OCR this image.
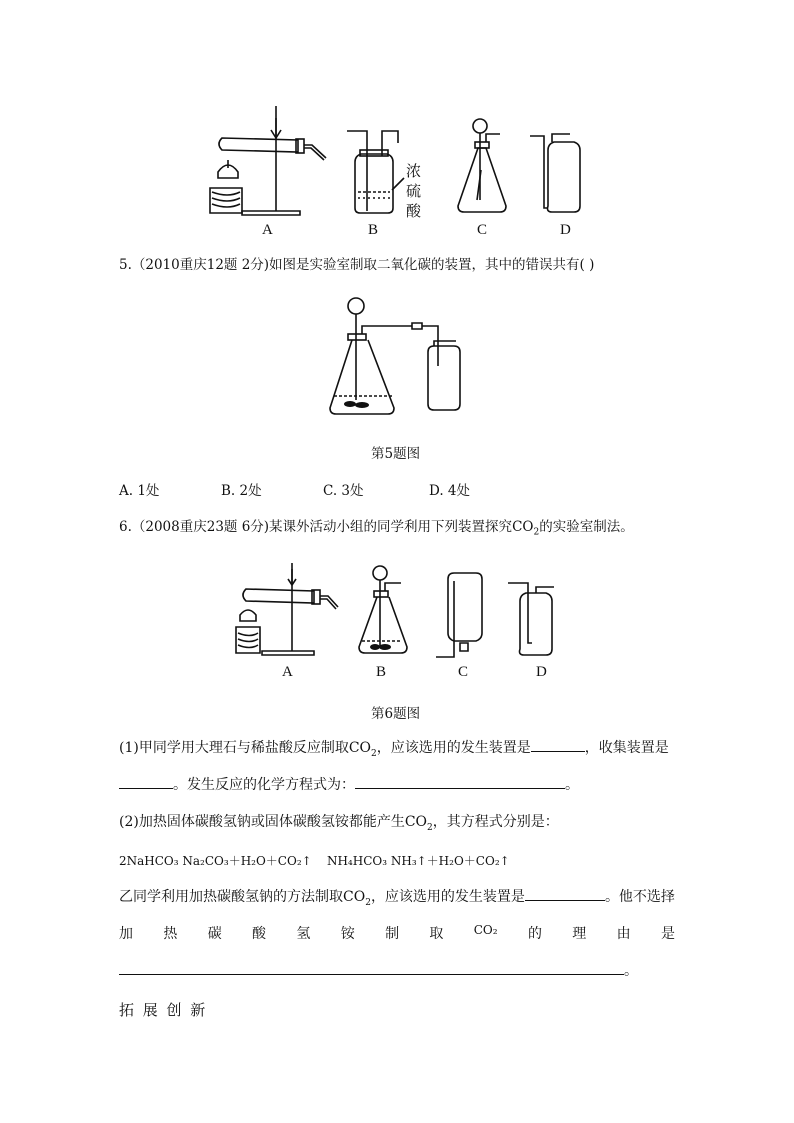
A	B	C	D
浓
硫
酸
5.（2010重庆12题 2分)如图是实验室制取二氧化碳的装置，其中的错误共有( )
第5题图
A. 1处	B. 2处	C. 3处	D. 4处
6.（2008重庆23题 6分)某课外活动小组的同学利用下列装置探究$CO_2$的实验室制法。
A	B	C	D
第6题图
(1)甲同学用大理石与稀盐酸反应制取$CO_2$，应该选用的发生装置是	，收集装置是
。发生反应的化学方程式为：	。
(2)加热固体碳酸氢钠或固体碳酸氢铵都能产生$CO_2$，其方程式分别是：
2NaHCO₃ Na₂CO₃＋H₂O＋CO₂↑ NH₄HCO₃ NH₃↑＋H₂O＋CO₂↑
乙同学利用加热碳酸氢钠的方法制取$CO_2$，应该选用的发生装置是	。他不选择
加 热 碳 酸 氢 铵 制 取	CO₂ 的 理 由 是
。
拓 展 创 新
